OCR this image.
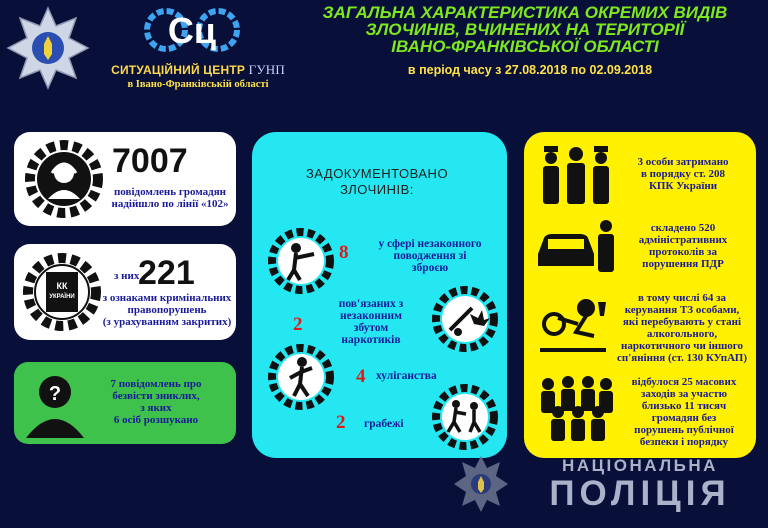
Сц
СИТУАЦІЙНИЙ ЦЕНТР ГУНП
в Івано-Франківській області
ЗАГАЛЬНА ХАРАКТЕРИСТИКА ОКРЕМИХ ВИДІВ
ЗЛОЧИНІВ, ВЧИНЕНИХ НА ТЕРИТОРІЇ
ІВАНО-ФРАНКІВСЬКОЇ ОБЛАСТІ
в період часу з 27.08.2018 по 02.09.2018
7007
повідомлень громадян
надійшло по лінії «102»
КК
УКРАЇНИ
з них
221
з ознаками кримінальних
правопорушень
(з урахуванням закритих)
?	7 повідомлень про
безвісти зниклих,
з яких
6 осіб розшукано
ЗАДОКУМЕНТОВАНО
ЗЛОЧИНІВ:
8	у сфері незаконного
поводження зі
зброєю
2
пов'язаних з
незаконним
збутом
наркотиків
4 хуліганства
2 грабежі
3 особи затримано
в порядку ст. 208
КПК України
складено 520
адміністративних
протоколів за
порушення ПДР
в тому числі 64 за
керування ТЗ особами,
які перебувають у стані
алкогольного,
наркотичного чи іншого
сп'яніння (ст. 130 КУпАП)
відбулося 25 масових
заходів за участю
близько 11 тисяч
громадян без
порушень публічної
безпеки і порядку
НАЦІОНАЛЬНА
ПОЛІЦІЯ
